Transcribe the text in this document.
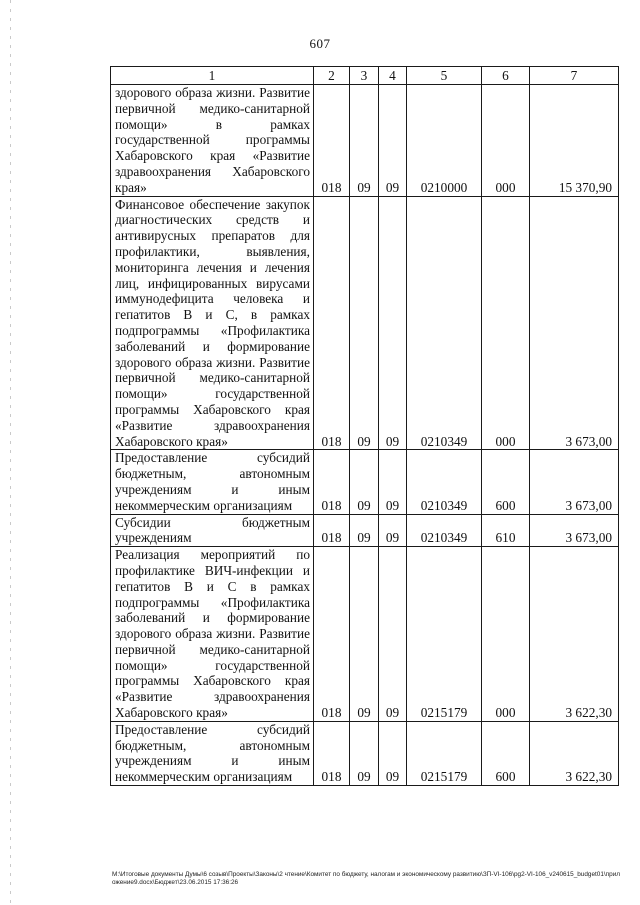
607
1	2	3	4	5	6	7
здорового образа жизни. Развитие первичной медико-санитарной помощи» в рамках государственной программы Хабаровского края «Развитие здравоохранения Хабаровского края»	018	09	09	0210000	000	15 370,90
Финансовое обеспечение закупок диагностических средств и антивирусных препаратов для профилактики, выявления, мониторинга лечения и лечения лиц, инфицированных вирусами иммунодефицита человека и гепатитов В и С, в рамках подпрограммы «Профилактика заболеваний и формирование здорового образа жизни. Развитие первичной медико-санитарной помощи» государственной программы Хабаровского края «Развитие здравоохранения Хабаровского края»	018	09	09	0210349	000	3 673,00
Предоставление субсидий бюджетным, автономным учреждениям и иным некоммерческим организациям	018	09	09	0210349	600	3 673,00
Субсидии бюджетным учреждениям	018	09	09	0210349	610	3 673,00
Реализация мероприятий по профилактике ВИЧ-инфекции и гепатитов В и С в рамках подпрограммы «Профилактика заболеваний и формирование здорового образа жизни. Развитие первичной медико-санитарной помощи» государственной программы Хабаровского края «Развитие здравоохранения Хабаровского края»	018	09	09	0215179	000	3 622,30
Предоставление субсидий бюджетным, автономным учреждениям и иным некоммерческим организациям	018	09	09	0215179	600	3 622,30
M:\Итоговые документы Думы\6 созыв\Проекты\Законы\2 чтение\Комитет по бюджету, налогам и экономическому развитию\ЗП-VI-106\pg2-VI-106_v240615_budget01\приложение9.docx\Бюджет\23.06.2015 17:36:26
